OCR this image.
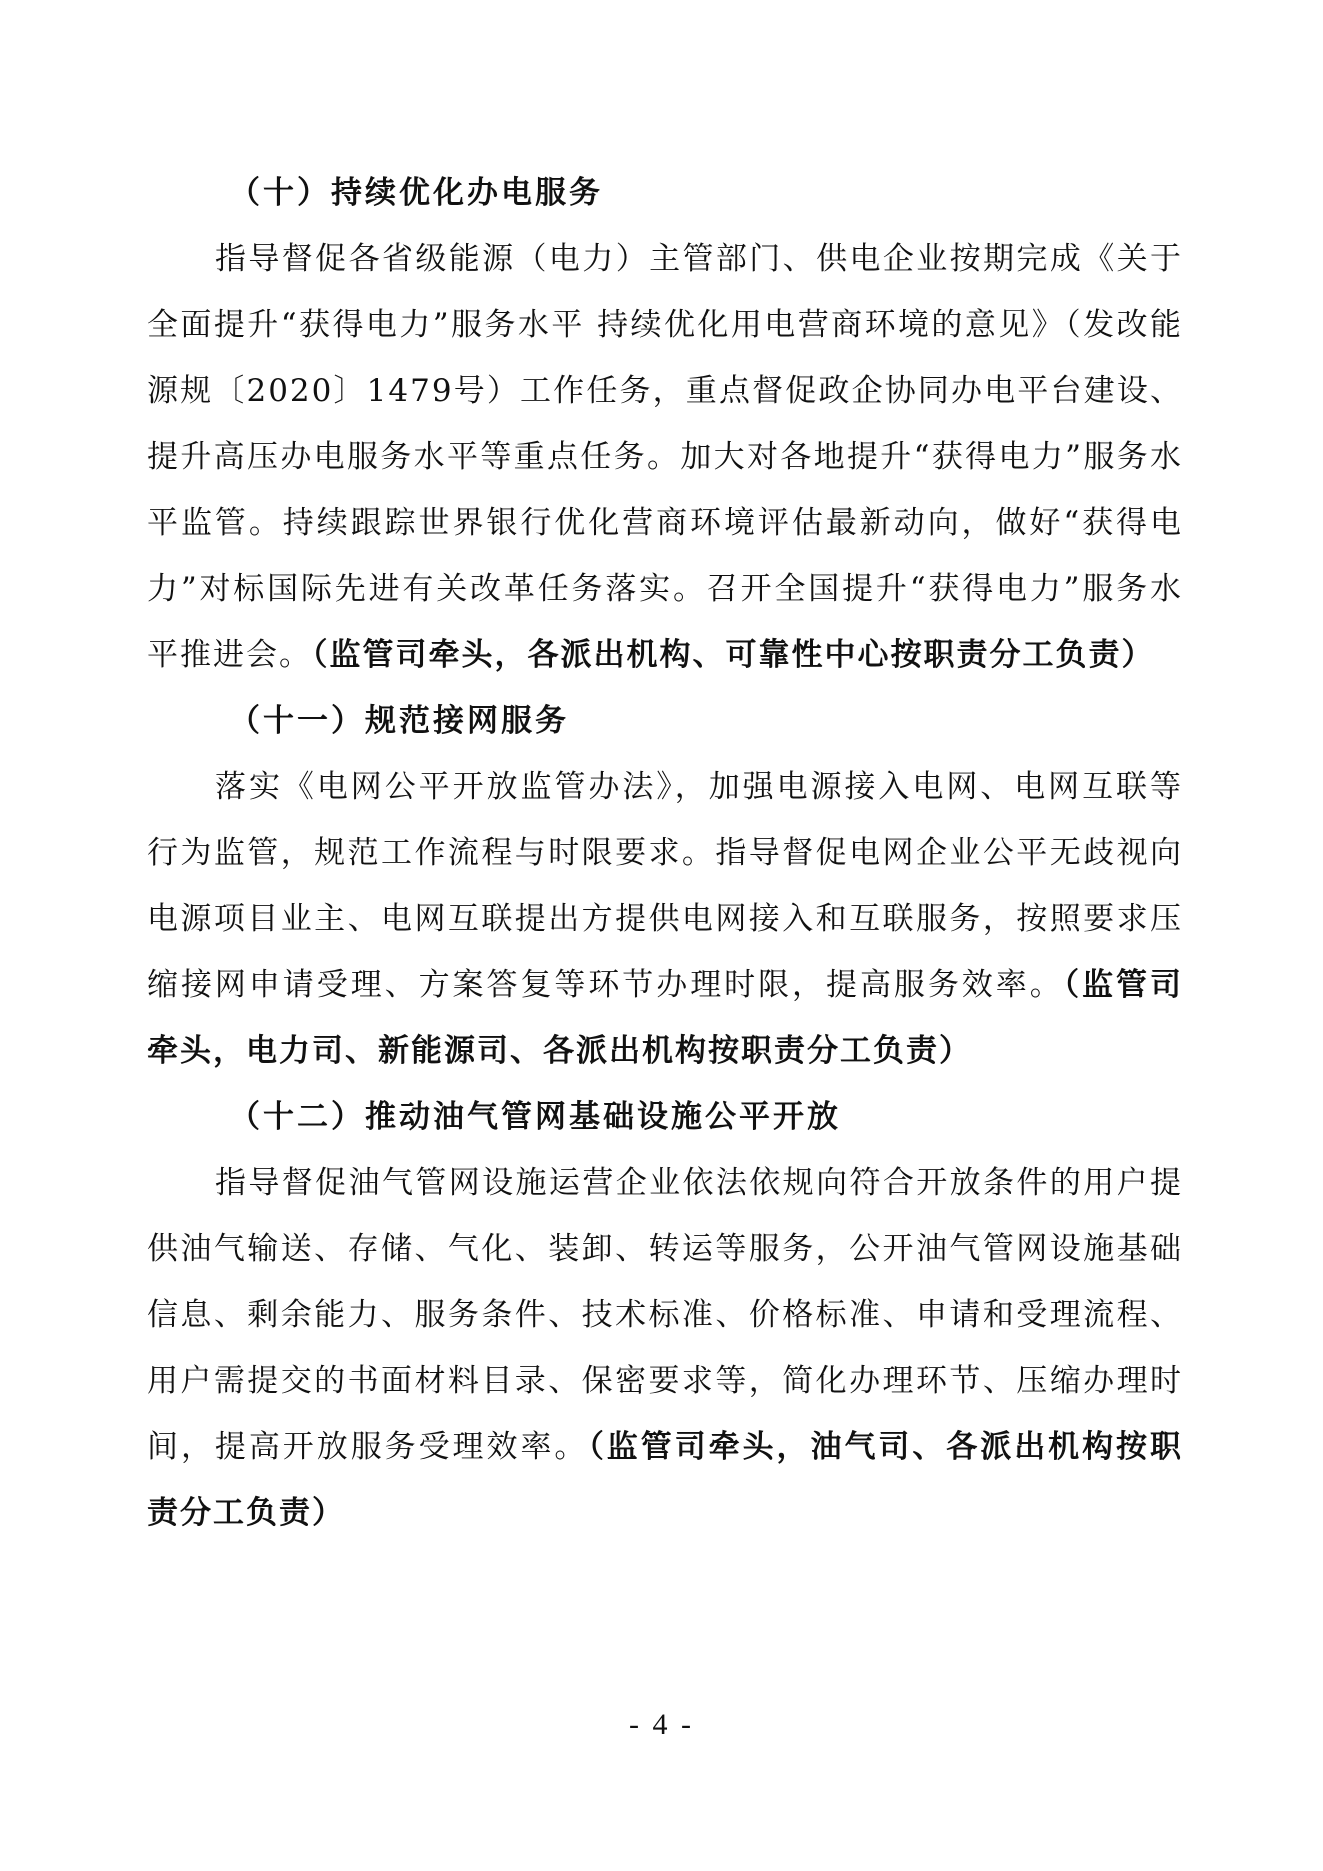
（十）持续优化办电服务

指导督促各省级能源（电力）主管部门、供电企业按期完成《关于全面提升“获得电力”服务水平 持续优化用电营商环境的意见》（发改能源规〔2020〕1479号）工作任务，重点督促政企协同办电平台建设、提升高压办电服务水平等重点任务。加大对各地提升“获得电力”服务水平监管。持续跟踪世界银行优化营商环境评估最新动向，做好“获得电力”对标国际先进有关改革任务落实。召开全国提升“获得电力”服务水平推进会。（监管司牵头，各派出机构、可靠性中心按职责分工负责）

（十一）规范接网服务

落实《电网公平开放监管办法》，加强电源接入电网、电网互联等行为监管，规范工作流程与时限要求。指导督促电网企业公平无歧视向电源项目业主、电网互联提出方提供电网接入和互联服务，按照要求压缩接网申请受理、方案答复等环节办理时限，提高服务效率。（监管司牵头，电力司、新能源司、各派出机构按职责分工负责）

（十二）推动油气管网基础设施公平开放

指导督促油气管网设施运营企业依法依规向符合开放条件的用户提供油气输送、存储、气化、装卸、转运等服务，公开油气管网设施基础信息、剩余能力、服务条件、技术标准、价格标准、申请和受理流程、用户需提交的书面材料目录、保密要求等，简化办理环节、压缩办理时间，提高开放服务受理效率。（监管司牵头，油气司、各派出机构按职责分工负责）

- 4 -
